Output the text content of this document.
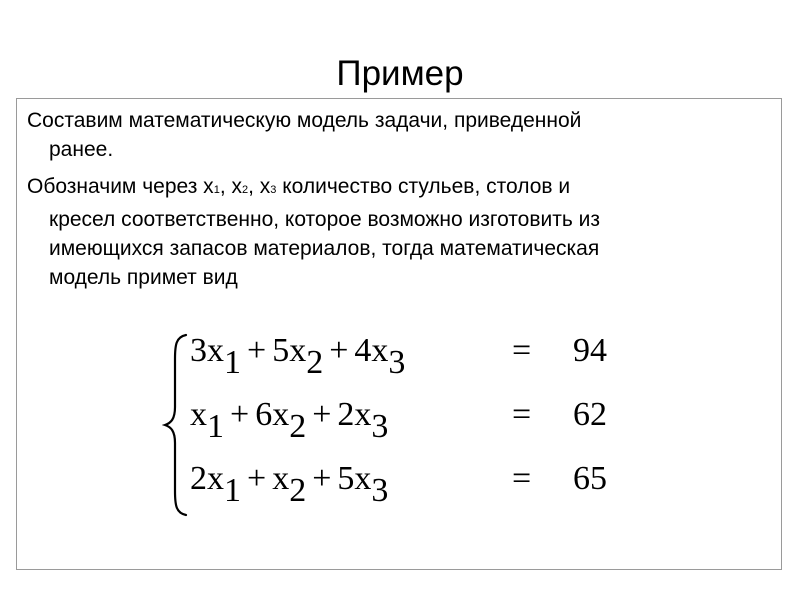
Пример

Составим математическую модель задачи, приведенной
ранее.

Обозначим через х1, х2, х3 количество стульев, столов и
кресел соответственно, которое возможно изготовить из
имеющихся запасов материалов, тогда математическая
модель примет вид

3x1 + 5x2 + 4x3	= 94
x1 + 6x2 + 2x3	= 62
2x1 + x2 + 5x3	= 65
